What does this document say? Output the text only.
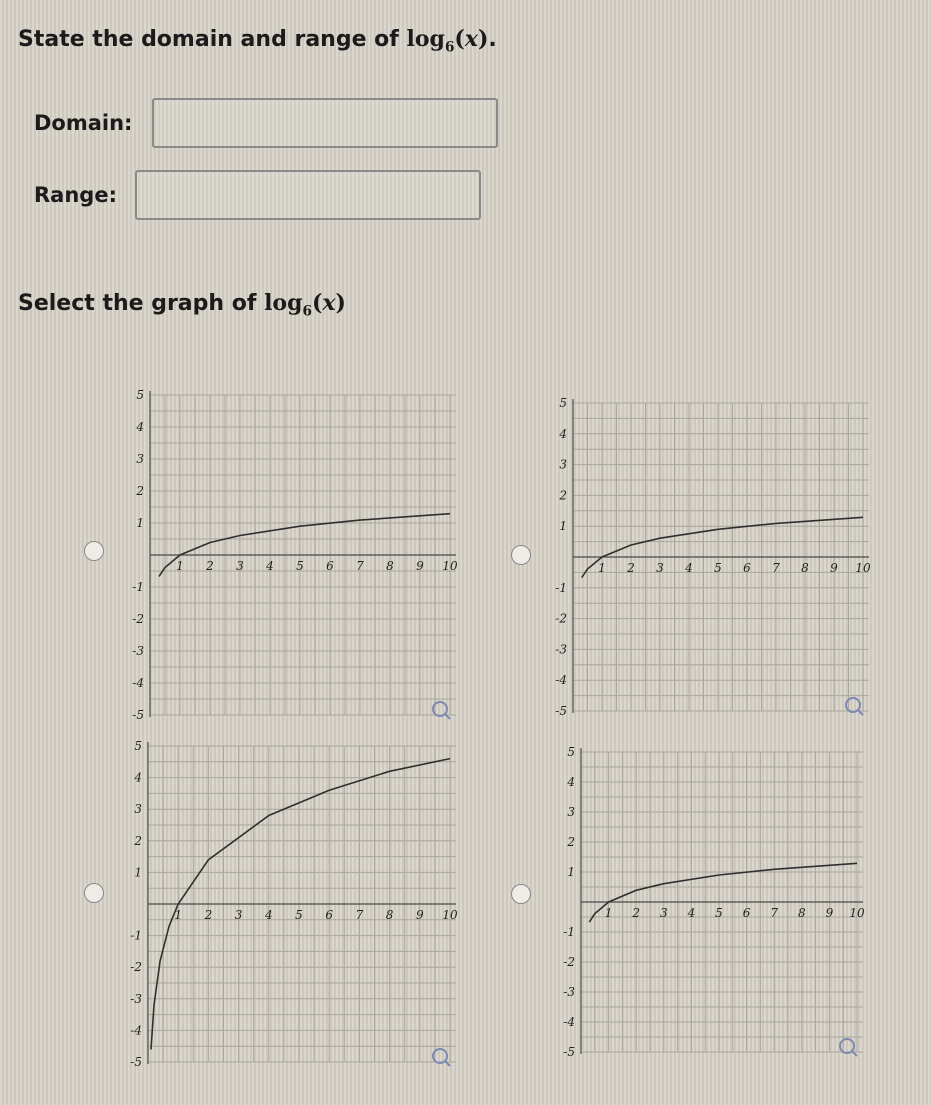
State the domain and range of $\log_6(x)$.
Domain:
Range:
Select the graph of $\log_6(x)$
1 2 3 4 5 6 7 8 9 10
5
4
3
2
1
-1
-2
-3
-4
-5
1 2 3 4 5 6 7 8 9 10
5
4
3
2
1
-1
-2
-3
-4
-5
1 2 3 4 5 6 7 8 9 10
5
4
3
2
1
-1
-2
-3
-4
-5
1 2 3 4 5 6 7 8 9 10
5
4
3
2
1
-1
-2
-3
-4
-5
